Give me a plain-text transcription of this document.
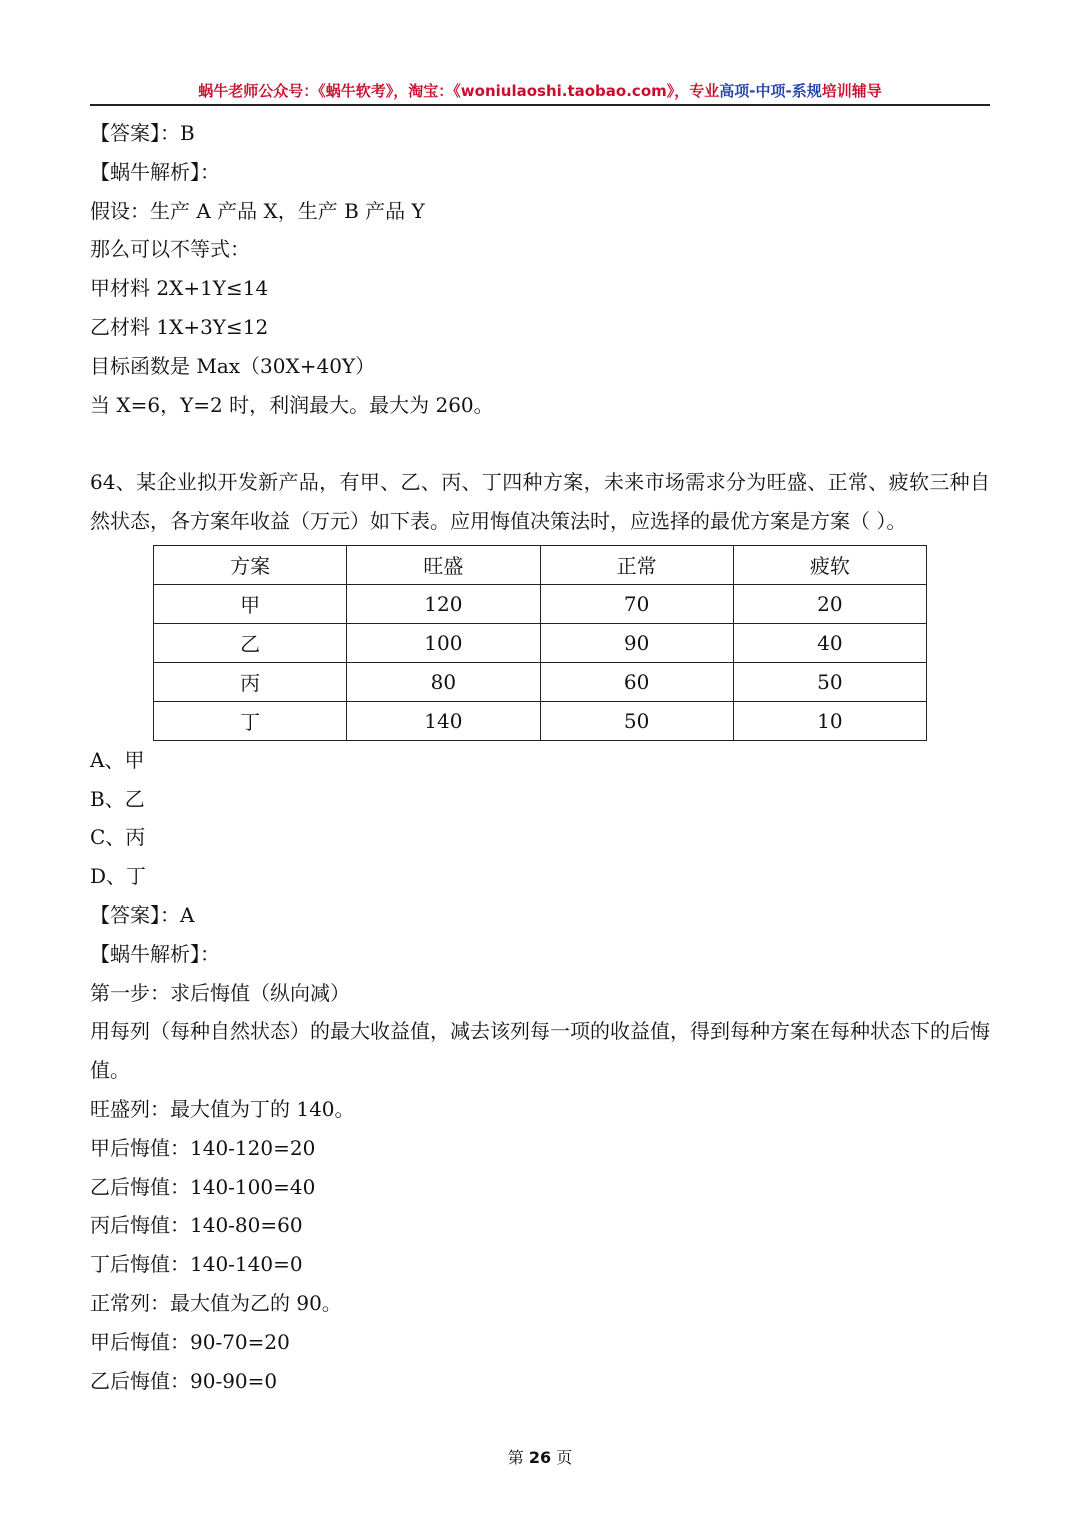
蜗牛老师公众号：《蜗牛软考》，淘宝：《woniulaoshi.taobao.com》，专业高项-中项-系规培训辅导
【答案】：B
【蜗牛解析】：
假设：生产 A 产品 X，生产 B 产品 Y
那么可以不等式：
甲材料 2X+1Y≤14
乙材料 1X+3Y≤12
目标函数是 Max（30X+40Y）
当 X=6，Y=2 时，利润最大。最大为 260。
64、某企业拟开发新产品，有甲、乙、丙、丁四种方案，未来市场需求分为旺盛、正常、疲软三种自然状态，各方案年收益（万元）如下表。应用悔值决策法时，应选择的最优方案是方案（ ）。
方案	旺盛	正常	疲软
甲	120	70	20
乙	100	90	40
丙	80	60	50
丁	140	50	10
A、甲
B、乙
C、丙
D、丁
【答案】：A
【蜗牛解析】：
第一步：求后悔值（纵向减）
用每列（每种自然状态）的最大收益值，减去该列每一项的收益值，得到每种方案在每种状态下的后悔值。
旺盛列：最大值为丁的 140。
甲后悔值：140-120=20
乙后悔值：140-100=40
丙后悔值：140-80=60
丁后悔值：140-140=0
正常列：最大值为乙的 90。
甲后悔值：90-70=20
乙后悔值：90-90=0
第 26 页
